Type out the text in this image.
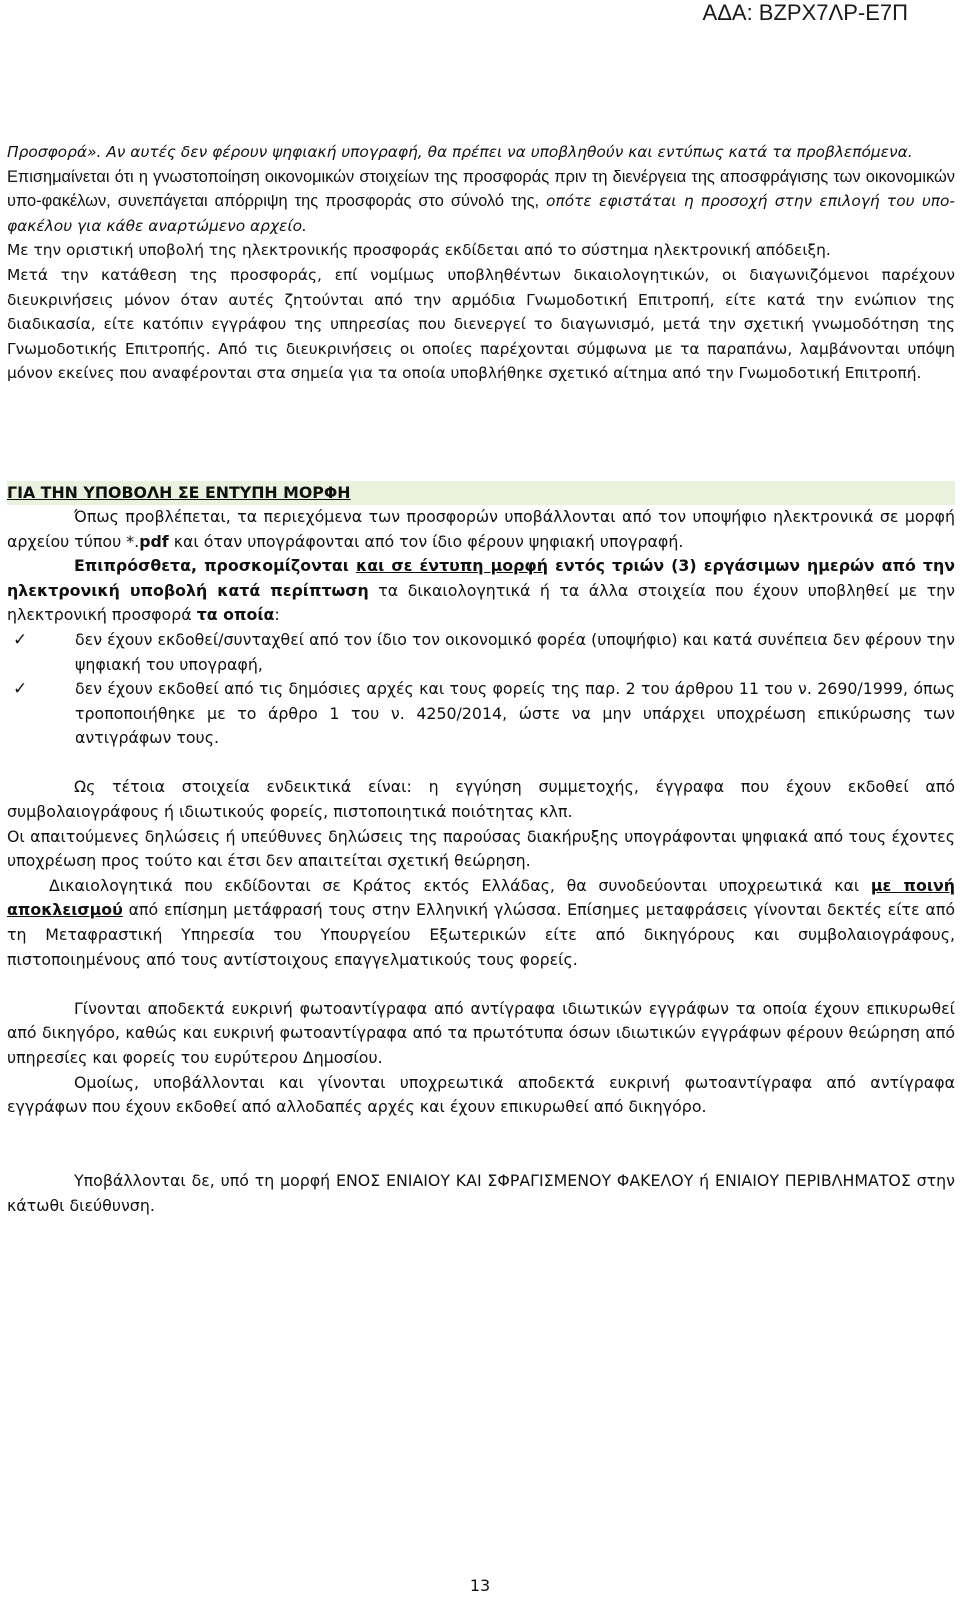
ΑΔΑ: ΒΖΡΧ7ΛΡ-Ε7Π

Προσφορά». Αν αυτές δεν φέρουν ψηφιακή υπογραφή, θα πρέπει να υποβληθούν και εντύπως κατά τα προβλεπόμενα.

Επισημαίνεται ότι η γνωστοποίηση οικονομικών στοιχείων της προσφοράς πριν τη διενέργεια της αποσφράγισης των οικονομικών υπο-φακέλων, συνεπάγεται απόρριψη της προσφοράς στο σύνολό της, οπότε εφιστάται η προσοχή στην επιλογή του υπο-φακέλου για κάθε αναρτώμενο αρχείο.

Με την οριστική υποβολή της ηλεκτρονικής προσφοράς εκδίδεται από το σύστημα ηλεκτρονική απόδειξη.

Μετά την κατάθεση της προσφοράς, επί νομίμως υποβληθέντων δικαιολογητικών, οι διαγωνιζόμενοι παρέχουν διευκρινήσεις μόνον όταν αυτές ζητούνται από την αρμόδια Γνωμοδοτική Επιτροπή, είτε κατά την ενώπιον της διαδικασία, είτε κατόπιν εγγράφου της υπηρεσίας που διενεργεί το διαγωνισμό, μετά την σχετική γνωμοδότηση της Γνωμοδοτικής Επιτροπής. Από τις διευκρινήσεις οι οποίες παρέχονται σύμφωνα με τα παραπάνω, λαμβάνονται υπόψη μόνον εκείνες που αναφέρονται στα σημεία για τα οποία υποβλήθηκε σχετικό αίτημα από την Γνωμοδοτική Επιτροπή.

ΓΙΑ ΤΗΝ ΥΠΟΒΟΛΗ ΣΕ ΕΝΤΥΠΗ ΜΟΡΦΗ

Όπως προβλέπεται, τα περιεχόμενα των προσφορών υποβάλλονται από τον υποψήφιο ηλεκτρονικά σε μορφή αρχείου τύπου *.pdf και όταν υπογράφονται από τον ίδιο φέρουν ψηφιακή υπογραφή.

Επιπρόσθετα, προσκομίζονται και σε έντυπη μορφή εντός τριών (3) εργάσιμων ημερών από την ηλεκτρονική υποβολή κατά περίπτωση τα δικαιολογητικά ή τα άλλα στοιχεία που έχουν υποβληθεί με την ηλεκτρονική προσφορά τα οποία:

✓	δεν έχουν εκδοθεί/συνταχθεί από τον ίδιο τον οικονομικό φορέα (υποψήφιο) και κατά συνέπεια δεν φέρουν την ψηφιακή του υπογραφή,
✓	δεν έχουν εκδοθεί από τις δημόσιες αρχές και τους φορείς της παρ. 2 του άρθρου 11 του ν. 2690/1999, όπως τροποποιήθηκε με το άρθρο 1 του ν. 4250/2014, ώστε να μην υπάρχει υποχρέωση επικύρωσης των αντιγράφων τους.

Ως τέτοια στοιχεία ενδεικτικά είναι: η εγγύηση συμμετοχής, έγγραφα που έχουν εκδοθεί από συμβολαιογράφους ή ιδιωτικούς φορείς, πιστοποιητικά ποιότητας κλπ.

Οι απαιτούμενες δηλώσεις ή υπεύθυνες δηλώσεις της παρούσας διακήρυξης υπογράφονται ψηφιακά από τους έχοντες υποχρέωση προς τούτο και έτσι δεν απαιτείται σχετική θεώρηση.

Δικαιολογητικά που εκδίδονται σε Κράτος εκτός Ελλάδας, θα συνοδεύονται υποχρεωτικά και με ποινή αποκλεισμού από επίσημη μετάφρασή τους στην Ελληνική γλώσσα. Επίσημες μεταφράσεις γίνονται δεκτές είτε από τη Μεταφραστική Υπηρεσία του Υπουργείου Εξωτερικών είτε από δικηγόρους και συμβολαιογράφους, πιστοποιημένους από τους αντίστοιχους επαγγελματικούς τους φορείς.

Γίνονται αποδεκτά ευκρινή φωτοαντίγραφα από αντίγραφα ιδιωτικών εγγράφων τα οποία έχουν επικυρωθεί από δικηγόρο, καθώς και ευκρινή φωτοαντίγραφα από τα πρωτότυπα όσων ιδιωτικών εγγράφων φέρουν θεώρηση από υπηρεσίες και φορείς του ευρύτερου Δημοσίου.

Ομοίως, υποβάλλονται και γίνονται υποχρεωτικά αποδεκτά ευκρινή φωτοαντίγραφα από αντίγραφα εγγράφων που έχουν εκδοθεί από αλλοδαπές αρχές και έχουν επικυρωθεί από δικηγόρο.

Υποβάλλονται δε, υπό τη μορφή ΕΝΟΣ ΕΝΙΑΙΟΥ ΚΑΙ ΣΦΡΑΓΙΣΜΕΝΟΥ ΦΑΚΕΛΟΥ ή ΕΝΙΑΙΟΥ ΠΕΡΙΒΛΗΜΑΤΟΣ στην κάτωθι διεύθυνση.

13
